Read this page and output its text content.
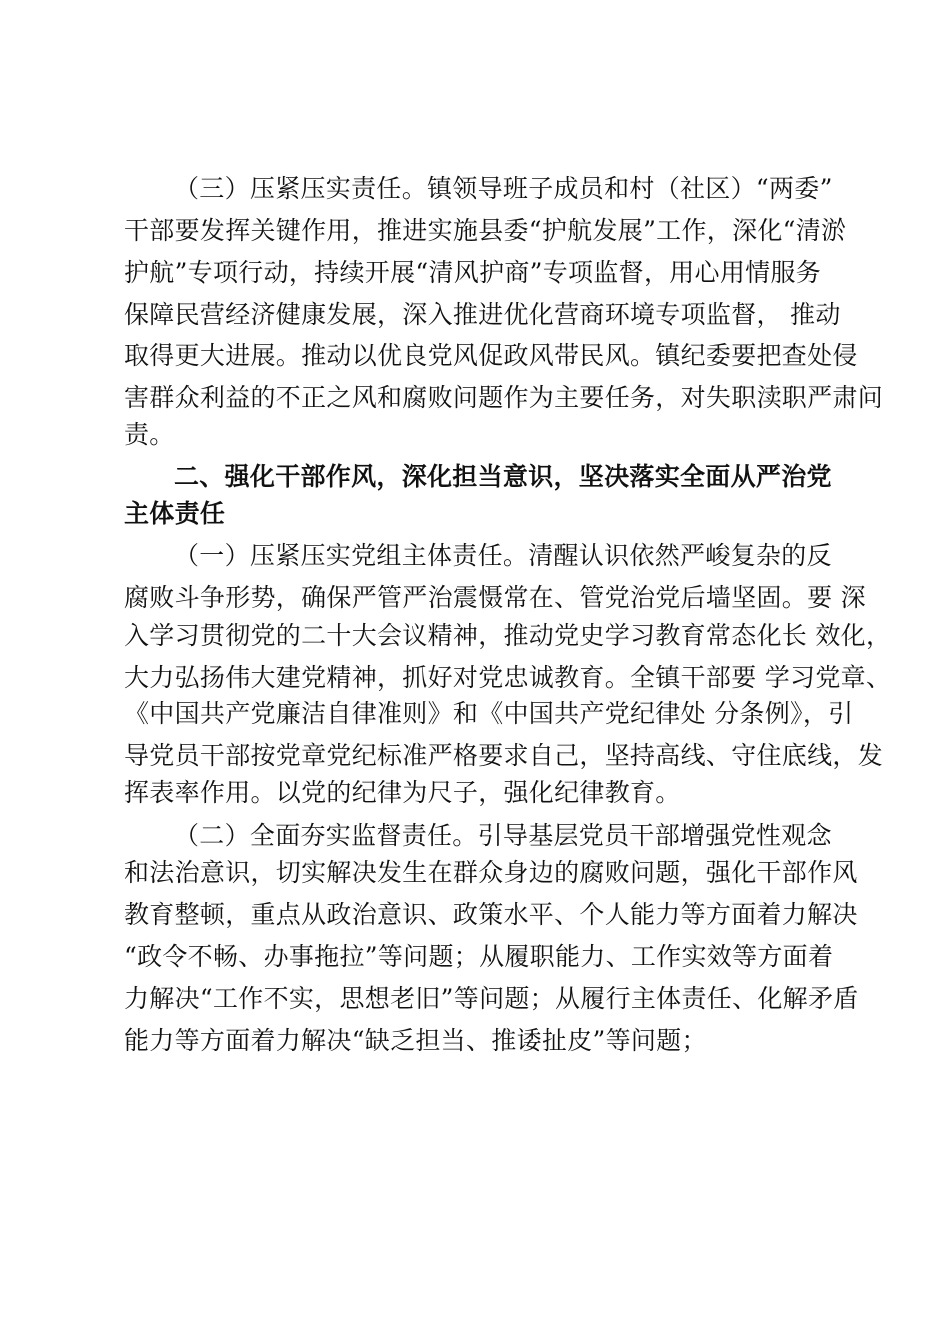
（三）压紧压实责任。镇领导班子成员和村（社区）“两委”
干部要发挥关键作用，推进实施县委“护航发展”工作，深化“清淤
护航”专项行动，持续开展“清风护商”专项监督，用心用情服务
保障民营经济健康发展，深入推进优化营商环境专项监督， 推动
取得更大进展。推动以优良党风促政风带民风。镇纪委要把查处侵
害群众利益的不正之风和腐败问题作为主要任务，对失职渎职严肃问
责。
二、强化干部作风，深化担当意识，坚决落实全面从严治党
主体责任
（一）压紧压实党组主体责任。清醒认识依然严峻复杂的反
腐败斗争形势，确保严管严治震慑常在、管党治党后墙坚固。要 深
入学习贯彻党的二十大会议精神，推动党史学习教育常态化长 效化，
大力弘扬伟大建党精神，抓好对党忠诚教育。全镇干部要 学习党章、
《中国共产党廉洁自律准则》和《中国共产党纪律处 分条例》，引
导党员干部按党章党纪标准严格要求自己，坚持高线、守住底线，发
挥表率作用。以党的纪律为尺子，强化纪律教育。
（二）全面夯实监督责任。引导基层党员干部增强党性观念
和法治意识，切实解决发生在群众身边的腐败问题，强化干部作风
教育整顿，重点从政治意识、政策水平、个人能力等方面着力解决
“政令不畅、办事拖拉”等问题；从履职能力、工作实效等方面着
力解决“工作不实，思想老旧”等问题；从履行主体责任、化解矛盾
能力等方面着力解决“缺乏担当、推诿扯皮”等问题；
